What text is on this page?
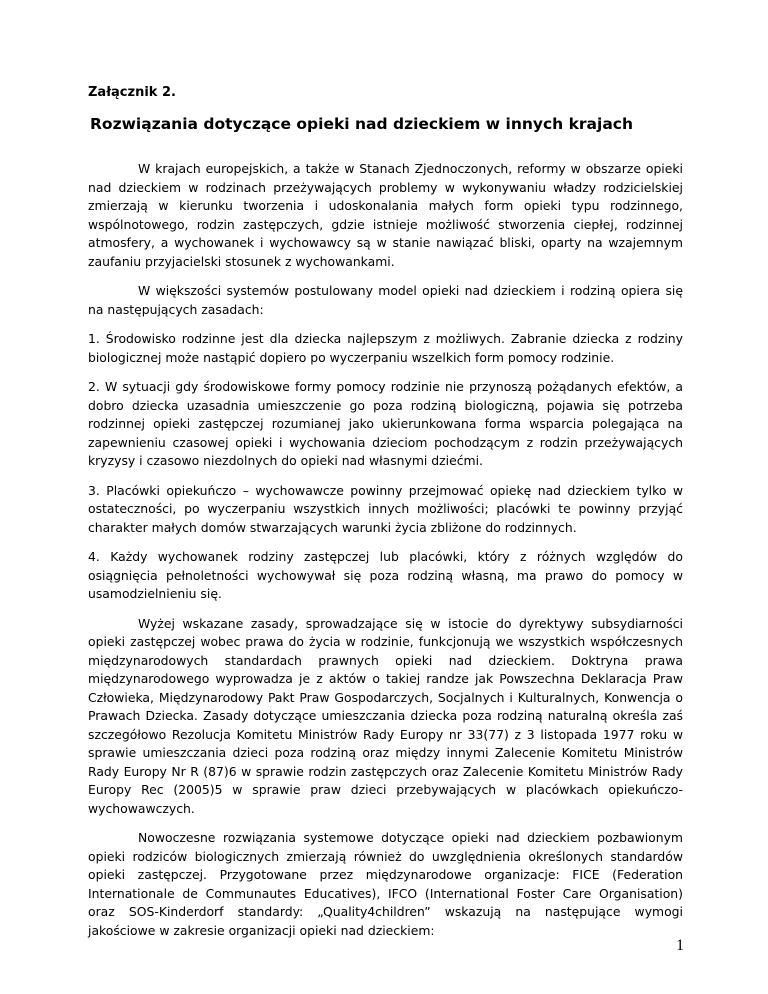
Załącznik 2.

Rozwiązania dotyczące opieki nad dzieckiem w innych krajach

W krajach europejskich, a także w Stanach Zjednoczonych, reformy w obszarze opieki nad dzieckiem w rodzinach przeżywających problemy w wykonywaniu władzy rodzicielskiej zmierzają w kierunku tworzenia i udoskonalania małych form opieki typu rodzinnego, wspólnotowego, rodzin zastępczych, gdzie istnieje możliwość stworzenia ciepłej, rodzinnej atmosfery, a wychowanek i wychowawcy są w stanie nawiązać bliski, oparty na wzajemnym zaufaniu przyjacielski stosunek z wychowankami.

W większości systemów postulowany model opieki nad dzieckiem i rodziną opiera się na następujących zasadach:

1. Środowisko rodzinne jest dla dziecka najlepszym z możliwych. Zabranie dziecka z rodziny biologicznej może nastąpić dopiero po wyczerpaniu wszelkich form pomocy rodzinie.

2. W sytuacji gdy środowiskowe formy pomocy rodzinie nie przynoszą pożądanych efektów, a dobro dziecka uzasadnia umieszczenie go poza rodziną biologiczną, pojawia się potrzeba rodzinnej opieki zastępczej rozumianej jako ukierunkowana forma wsparcia polegająca na zapewnieniu czasowej opieki i wychowania dzieciom pochodzącym z rodzin przeżywających kryzysy i czasowo niezdolnych do opieki nad własnymi dziećmi.

3. Placówki opiekuńczo – wychowawcze powinny przejmować opiekę nad dzieckiem tylko w ostateczności, po wyczerpaniu wszystkich innych możliwości; placówki te powinny przyjąć charakter małych domów stwarzających warunki życia zbliżone do rodzinnych.

4. Każdy wychowanek rodziny zastępczej lub placówki, który z różnych względów do osiągnięcia pełnoletności wychowywał się poza rodziną własną, ma prawo do pomocy w usamodzielnieniu się.

Wyżej wskazane zasady, sprowadzające się w istocie do dyrektywy subsydiarności opieki zastępczej wobec prawa do życia w rodzinie, funkcjonują we wszystkich współczesnych międzynarodowych standardach prawnych opieki nad dzieckiem. Doktryna prawa międzynarodowego wyprowadza je z aktów o takiej randze jak Powszechna Deklaracja Praw Człowieka, Międzynarodowy Pakt Praw Gospodarczych, Socjalnych i Kulturalnych, Konwencja o Prawach Dziecka. Zasady dotyczące umieszczania dziecka poza rodziną naturalną określa zaś szczegółowo Rezolucja Komitetu Ministrów Rady Europy nr 33(77) z 3 listopada 1977 roku w sprawie umieszczania dzieci poza rodziną oraz między innymi Zalecenie Komitetu Ministrów Rady Europy Nr R (87)6 w sprawie rodzin zastępczych oraz Zalecenie Komitetu Ministrów Rady Europy Rec (2005)5 w sprawie praw dzieci przebywających w placówkach opiekuńczo-wychowawczych.

Nowoczesne rozwiązania systemowe dotyczące opieki nad dzieckiem pozbawionym opieki rodziców biologicznych zmierzają również do uwzględnienia określonych standardów opieki zastępczej. Przygotowane przez międzynarodowe organizacje: FICE (Federation Internationale de Communautes Educatives), IFCO (International Foster Care Organisation) oraz SOS-Kinderdorf standardy: „Quality4children” wskazują na następujące wymogi jakościowe w zakresie organizacji opieki nad dzieckiem:

1
